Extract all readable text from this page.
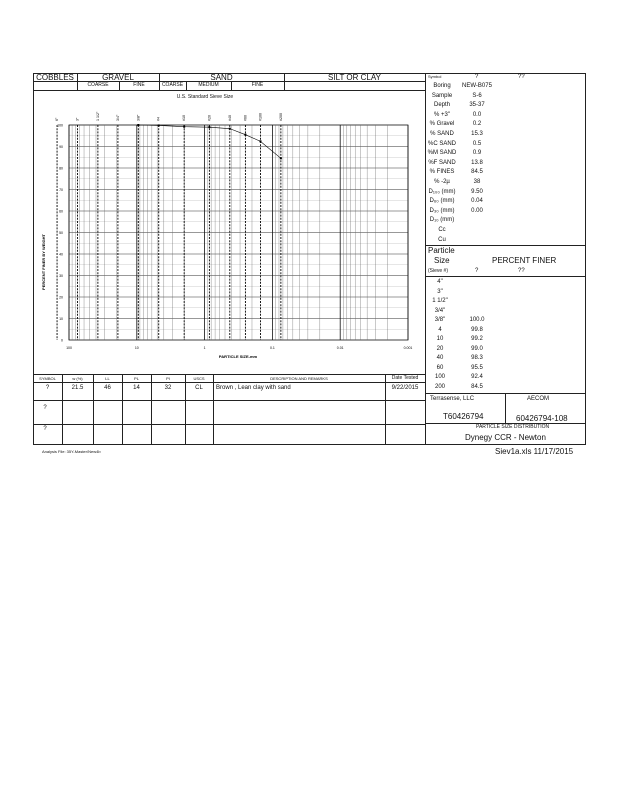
COBBLES	GRAVEL	SAND	SILT OR CLAY
COARSE	FINE	COARSE	MEDIUM	FINE
U.S. Standard Sieve Size
0
10
20
30
40
50
60
70
80
90
100
100	10	1	0.1	0.01	0.001
6"	3"	1 1/2"	3/4"	3/8"	#4	#10	#20	#40	#60	#100	#200
PERCENT FINER BY WEIGHT
PARTICLE SIZE-mm
SYMBOL	w (%)	LL	PL	PI	USCS	DESCRIPTION AND REMARKS	Date Tested
?	21.5	46	14	32	CL	Brown , Lean clay with sand	9/22/2015
?
?
Symbol	?	??
Boring	NEW-B075
Sample	S-6
Depth	35-37
% +3"	0.0
% Gravel	0.2
% SAND	15.3
%C SAND	0.5
%M SAND	0.9
%F SAND	13.8
% FINES	84.5
% -2µ	38
D₁₀₀ (mm)	9.50
D₆₀ (mm)	0.04
D₃₀ (mm)	0.00
D₁₀ (mm)
Cc
Cu
Particle
Size	PERCENT FINER
(Sieve #)	?	??
4"
3"
1 1/2"
3/4"
3/8"	100.0
4	99.8
10	99.2
20	99.0
40	98.3
60	95.5
100	92.4
200	84.5
Terrasense, LLC	AECOM
T60426794	60426794-108
PARTICLE SIZE DISTRIBUTION
Dynegy CCR - Newton
Analysis File: 35Y-Master/New4b	Siev1a.xls 11/17/2015
